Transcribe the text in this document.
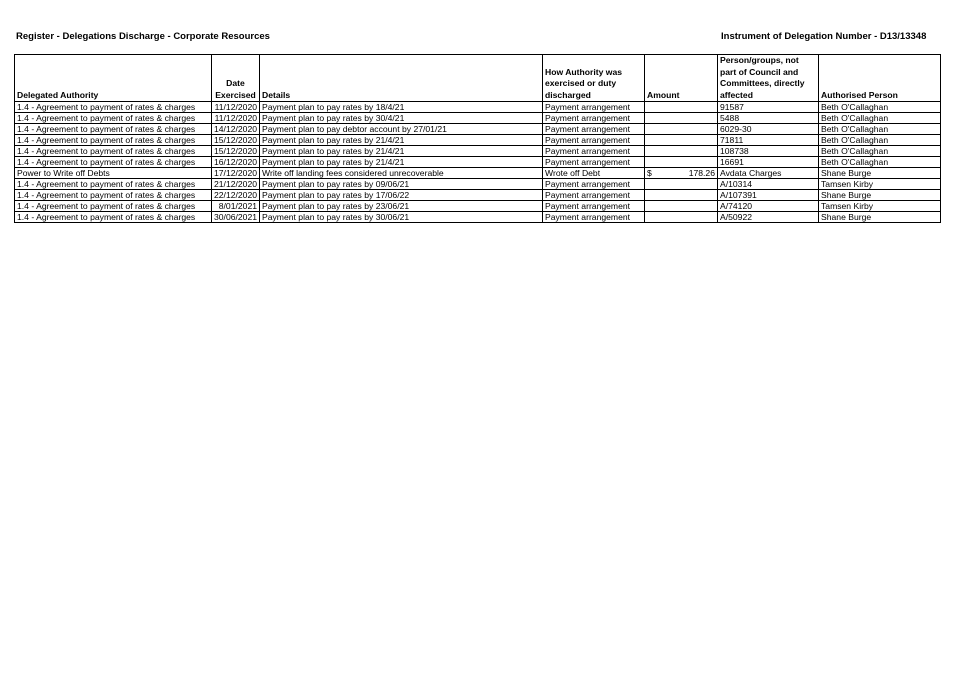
Register - Delegations Discharge - Corporate Resources	Instrument of Delegation Number - D13/13348
Delegated Authority	Date Exercised	Details	How Authority was exercised or duty discharged	Amount	Person/groups, not part of Council and Committees, directly affected	Authorised Person
1.4 - Agreement to payment of rates & charges	11/12/2020	Payment plan to pay rates by 18/4/21	Payment arrangement		91587	Beth O'Callaghan
1.4 - Agreement to payment of rates & charges	11/12/2020	Payment plan to pay rates by 30/4/21	Payment arrangement		5488	Beth O'Callaghan
1.4 - Agreement to payment of rates & charges	14/12/2020	Payment plan to pay debtor account by 27/01/21	Payment arrangement		6029-30	Beth O'Callaghan
1.4 - Agreement to payment of rates & charges	15/12/2020	Payment plan to pay rates by 21/4/21	Payment arrangement		71811	Beth O'Callaghan
1.4 - Agreement to payment of rates & charges	15/12/2020	Payment plan to pay rates by 21/4/21	Payment arrangement		108738	Beth O'Callaghan
1.4 - Agreement to payment of rates & charges	16/12/2020	Payment plan to pay rates by 21/4/21	Payment arrangement		16691	Beth O'Callaghan
Power to Write off Debts	17/12/2020	Write off landing fees considered unrecoverable	Wrote off Debt	$ 178.26	Avdata Charges	Shane Burge
1.4 - Agreement to payment of rates & charges	21/12/2020	Payment plan to pay rates by 09/06/21	Payment arrangement		A/10314	Tamsen Kirby
1.4 - Agreement to payment of rates & charges	22/12/2020	Payment plan to pay rates by 17/06/22	Payment arrangement		A/107391	Shane Burge
1.4 - Agreement to payment of rates & charges	8/01/2021	Payment plan to pay rates by 23/06/21	Payment arrangement		A/74120	Tamsen Kirby
1.4 - Agreement to payment of rates & charges	30/06/2021	Payment plan to pay rates by 30/06/21	Payment arrangement		A/50922	Shane Burge
